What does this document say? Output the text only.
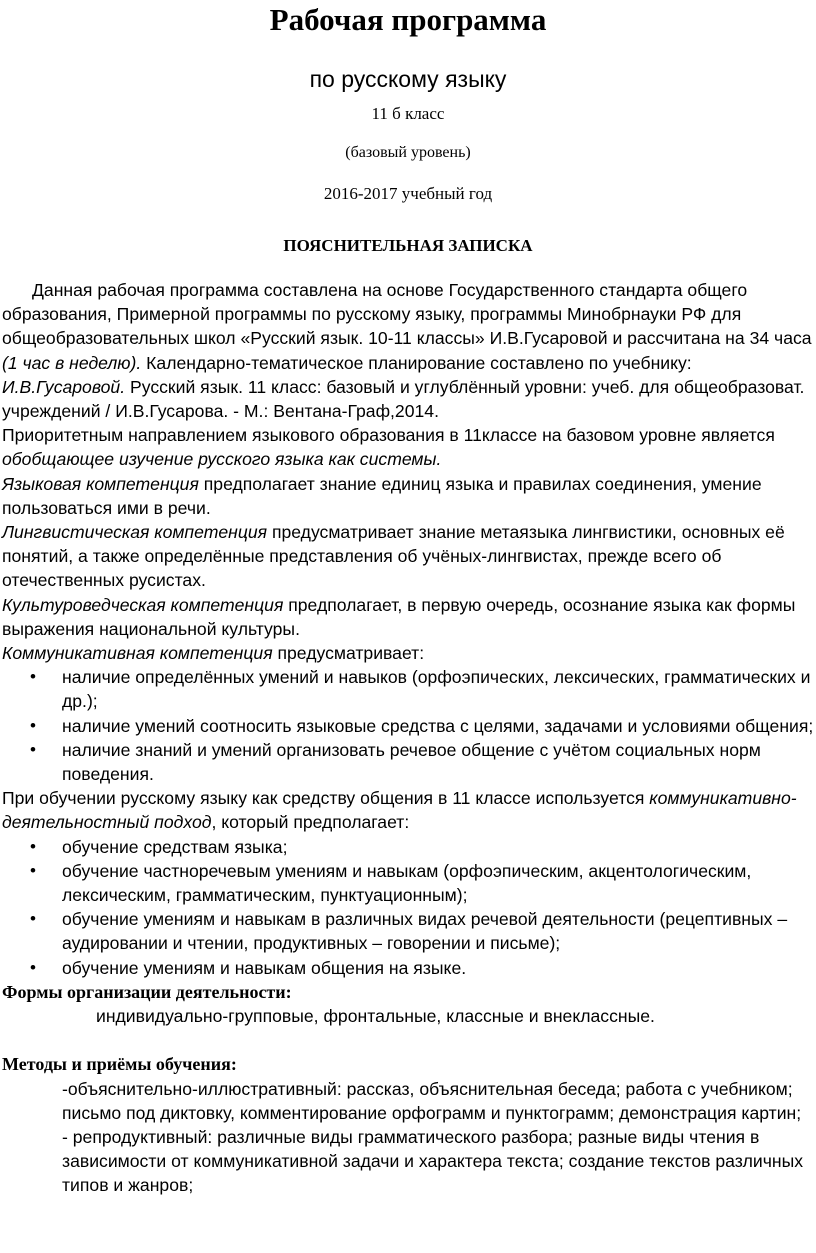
Рабочая программа
по русскому языку
11 б класс
(базовый уровень)
2016-2017 учебный год
ПОЯСНИТЕЛЬНАЯ ЗАПИСКА

Данная рабочая программа составлена на основе Государственного стандарта общего образования, Примерной программы по русскому языку, программы Минобрнауки РФ для общеобразовательных школ «Русский язык. 10-11 классы» И.В.Гусаровой и рассчитана на 34 часа (1 час в неделю). Календарно-тематическое планирование составлено по учебнику: И.В.Гусаровой. Русский язык. 11 класс: базовый и углублённый уровни: учеб. для общеобразоват. учреждений / И.В.Гусарова. - М.: Вентана-Граф,2014.

Приоритетным направлением языкового образования в 11классе на базовом уровне является обобщающее изучение русского языка как системы.

Языковая компетенция предполагает знание единиц языка и правилах соединения, умение пользоваться ими в речи.

Лингвистическая компетенция предусматривает знание метаязыка лингвистики, основных её понятий, а также определённые представления об учёных-лингвистах, прежде всего об отечественных русистах.

Культуроведческая компетенция предполагает, в первую очередь, осознание языка как формы выражения национальной культуры.

Коммуникативная компетенция предусматривает:

• наличие определённых умений и навыков (орфоэпических, лексических, грамматических и др.);
• наличие умений соотносить языковые средства с целями, задачами и условиями общения;
• наличие знаний и умений организовать речевое общение с учётом социальных норм поведения.

При обучении русскому языку как средству общения в 11 классе используется коммуникативно-деятельностный подход, который предполагает:

• обучение средствам языка;
• обучение частноречевым умениям и навыкам (орфоэпическим, акцентологическим, лексическим, грамматическим, пунктуационным);
• обучение умениям и навыкам в различных видах речевой деятельности (рецептивных – аудировании и чтении, продуктивных – говорении и письме);
• обучение умениям и навыкам общения на языке.

Формы организации деятельности:

индивидуально-групповые, фронтальные, классные и внеклассные.

Методы и приёмы обучения:

-объяснительно-иллюстративный: рассказ, объяснительная беседа; работа с учебником; письмо под диктовку, комментирование орфограмм и пунктограмм; демонстрация картин;

- репродуктивный: различные виды грамматического разбора; разные виды чтения в зависимости от коммуникативной задачи и характера текста; создание текстов различных типов и жанров;
